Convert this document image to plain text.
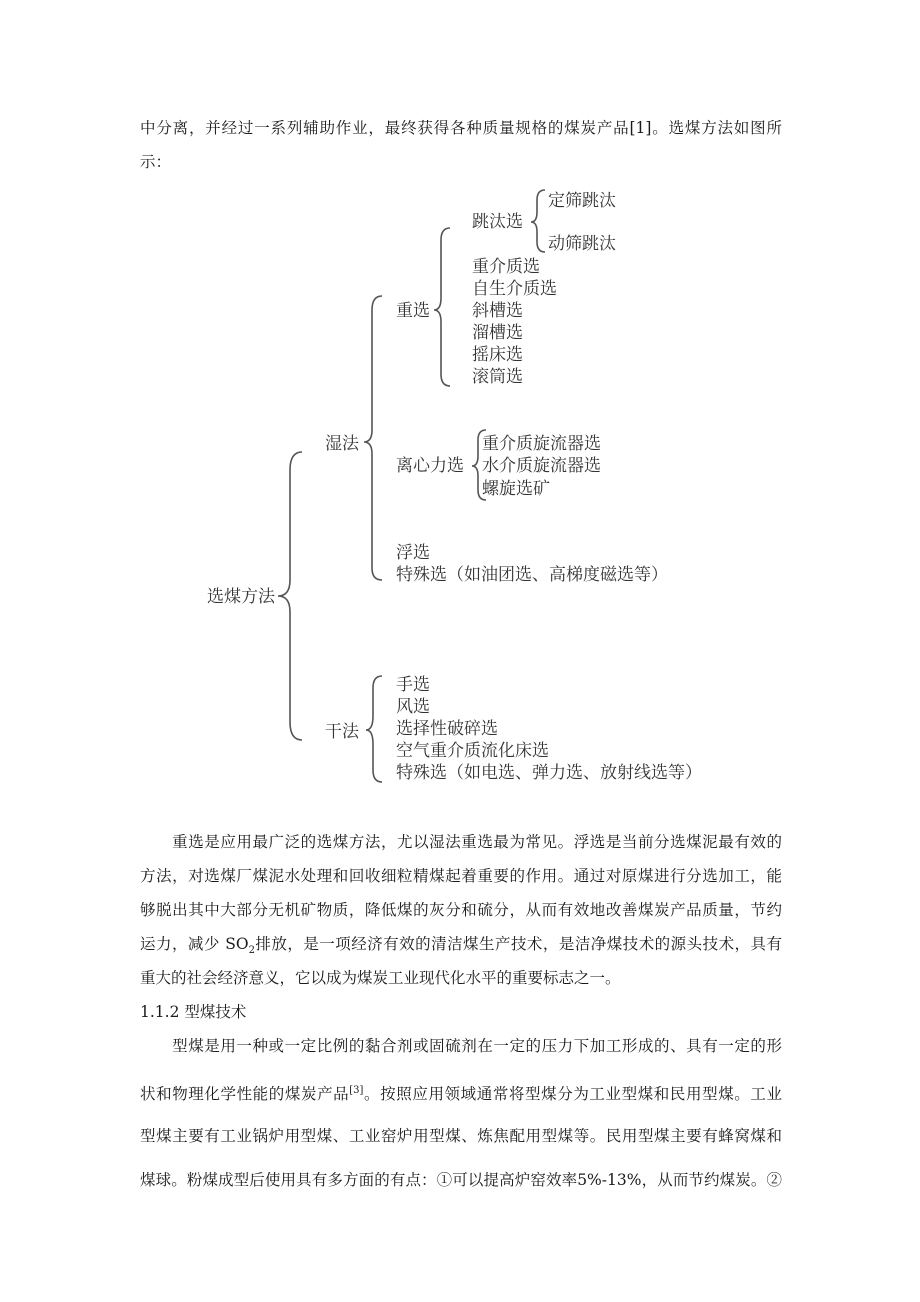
中分离，并经过一系列辅助作业，最终获得各种质量规格的煤炭产品[1]。选煤方法如图所
示：
选煤方法
湿法
重选
跳汰选
定筛跳汰
动筛跳汰
重介质选
自生介质选
斜槽选
溜槽选
摇床选
滚筒选
离心力选
重介质旋流器选
水介质旋流器选
螺旋选矿
浮选
特殊选（如油团选、高梯度磁选等）
干法
手选
风选
选择性破碎选
空气重介质流化床选
特殊选（如电选、弹力选、放射线选等）
　　重选是应用最广泛的选煤方法，尤以湿法重选最为常见。浮选是当前分选煤泥最有效的
方法，对选煤厂煤泥水处理和回收细粒精煤起着重要的作用。通过对原煤进行分选加工，能
够脱出其中大部分无机矿物质，降低煤的灰分和硫分，从而有效地改善煤炭产品质量，节约
运力，减少 $SO_2$排放，是一项经济有效的清洁煤生产技术，是洁净煤技术的源头技术，具有
重大的社会经济意义，它以成为煤炭工业现代化水平的重要标志之一。
1.1.2 型煤技术
　　型煤是用一种或一定比例的黏合剂或固硫剂在一定的压力下加工形成的、具有一定的形
状和物理化学性能的煤炭产品[3]。按照应用领域通常将型煤分为工业型煤和民用型煤。工业
型煤主要有工业锅炉用型煤、工业窑炉用型煤、炼焦配用型煤等。民用型煤主要有蜂窝煤和
煤球。粉煤成型后使用具有多方面的有点：①可以提高炉窑效率5%-13%，从而节约煤炭。②
